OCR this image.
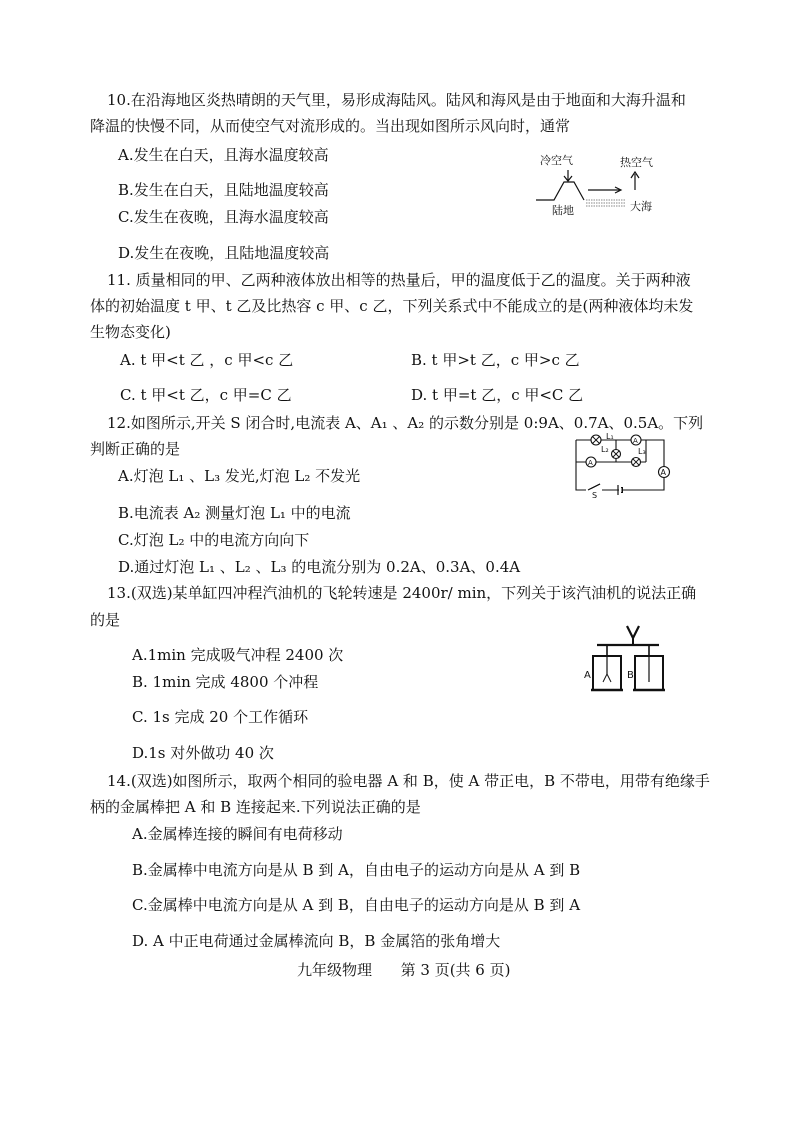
10.在沿海地区炎热晴朗的天气里，易形成海陆风。陆风和海风是由于地面和大海升温和
降温的快慢不同，从而使空气对流形成的。当出现如图所示风向时，通常
A.发生在白天，且海水温度较高
B.发生在白天，且陆地温度较高
C.发生在夜晚，且海水温度较高
D.发生在夜晚，且陆地温度较高
冷空气	热空气
陆地	大海
11. 质量相同的甲、乙两种液体放出相等的热量后，甲的温度低于乙的温度。关于两种液
体的初始温度 t 甲、t 乙及比热容 c 甲、c 乙，下列关系式中不能成立的是(两种液体均未发
生物态变化)
A. t 甲<t 乙 ，c 甲<c 乙	B. t 甲>t 乙，c 甲>c 乙
C. t 甲<t 乙，c 甲=C 乙	D. t 甲=t 乙，c 甲<C 乙
12.如图所示,开关 S 闭合时,电流表 A、A₁ 、A₂ 的示数分别是 0:9A、0.7A、0.5A。下列
判断正确的是
A.灯泡 L₁ 、L₃ 发光,灯泡 L₂ 不发光
B.电流表 A₂ 测量灯泡 L₁ 中的电流
C.灯泡 L₂ 中的电流方向向下
D.通过灯泡 L₁ 、L₂ 、L₃ 的电流分别为 0.2A、0.3A、0.4A
L₁	A
L₂	L₃
A
A
S
13.(双选)某单缸四冲程汽油机的飞轮转速是 2400r/ min，下列关于该汽油机的说法正确
的是
A.1min 完成吸气冲程 2400 次
B. 1min 完成 4800 个冲程
C. 1s 完成 20 个工作循环
D.1s 对外做功 40 次
A	B
14.(双选)如图所示，取两个相同的验电器 A 和 B，使 A 带正电，B 不带电，用带有绝缘手
柄的金属棒把 A 和 B 连接起来.下列说法正确的是
A.金属棒连接的瞬间有电荷移动
B.金属棒中电流方向是从 B 到 A，自由电子的运动方向是从 A 到 B
C.金属棒中电流方向是从 A 到 B，自由电子的运动方向是从 B 到 A
D. A 中正电荷通过金属棒流向 B，B 金属箔的张角增大
九年级物理      第 3 页(共 6 页)
